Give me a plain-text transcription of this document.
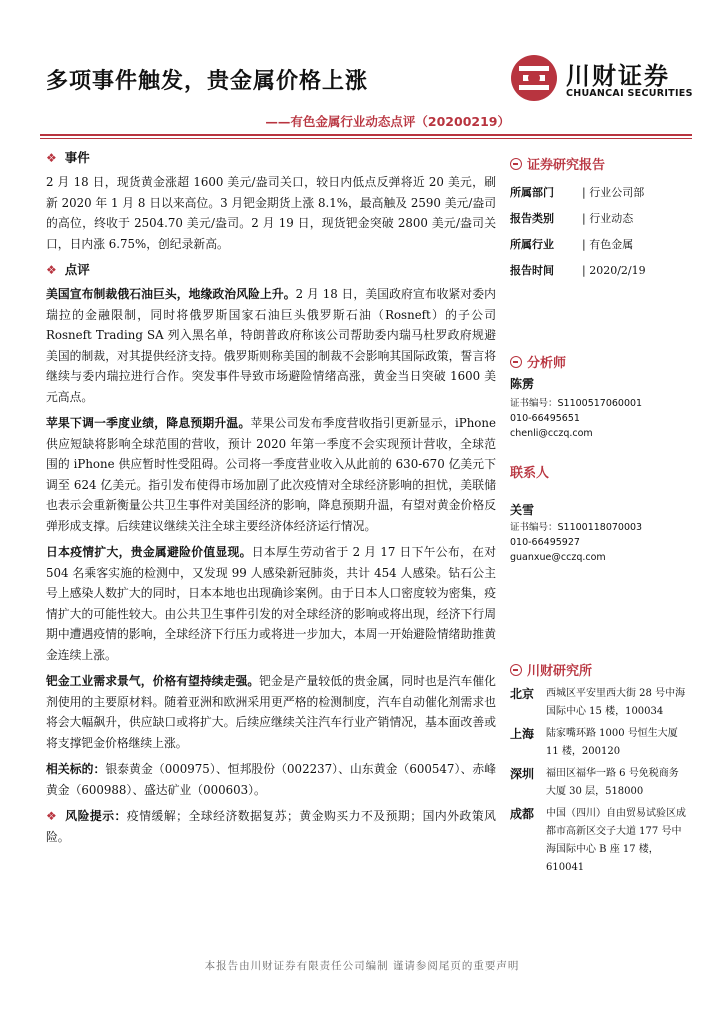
多项事件触发，贵金属价格上涨
——有色金属行业动态点评（20200219）
川财证券
CHUANCAI SECURITIES
❖ 事件
2 月 18 日，现货黄金涨超 1600 美元/盎司关口，较日内低点反弹将近 20 美元，刷新 2020 年 1 月 8 日以来高位。3 月钯金期货上涨 8.1%，最高触及 2590 美元/盎司的高位，终收于 2504.70 美元/盎司。2 月 19 日，现货钯金突破 2800 美元/盎司关口，日内涨 6.75%，创纪录新高。
❖ 点评
美国宣布制裁俄石油巨头，地缘政治风险上升。2 月 18 日，美国政府宣布收紧对委内瑞拉的金融限制，同时将俄罗斯国家石油巨头俄罗斯石油（Rosneft）的子公司 Rosneft Trading SA 列入黑名单，特朗普政府称该公司帮助委内瑞马杜罗政府规避美国的制裁，对其提供经济支持。俄罗斯则称美国的制裁不会影响其国际政策，誓言将继续与委内瑞拉进行合作。突发事件导致市场避险情绪高涨，黄金当日突破 1600 美元高点。
苹果下调一季度业绩，降息预期升温。苹果公司发布季度营收指引更新显示，iPhone 供应短缺将影响全球范围的营收，预计 2020 年第一季度不会实现预计营收，全球范围的 iPhone 供应暂时性受阻碍。公司将一季度营业收入从此前的 630-670 亿美元下调至 624 亿美元。指引发布使得市场加剧了此次疫情对全球经济影响的担忧，美联储也表示会重新衡量公共卫生事件对美国经济的影响，降息预期升温，有望对黄金价格反弹形成支撑。后续建议继续关注全球主要经济体经济运行情况。
日本疫情扩大，贵金属避险价值显现。日本厚生劳动省于 2 月 17 日下午公布，在对 504 名乘客实施的检测中，又发现 99 人感染新冠肺炎，共计 454 人感染。钻石公主号上感染人数扩大的同时，日本本地也出现确诊案例。由于日本人口密度较为密集，疫情扩大的可能性较大。由公共卫生事件引发的对全球经济的影响或将出现，经济下行周期中遭遇疫情的影响，全球经济下行压力或将进一步加大，本周一开始避险情绪助推黄金连续上涨。
钯金工业需求景气，价格有望持续走强。钯金是产量较低的贵金属，同时也是汽车催化剂使用的主要原材料。随着亚洲和欧洲采用更严格的检测制度，汽车自动催化剂需求也将会大幅飙升，供应缺口或将扩大。后续应继续关注汽车行业产销情况，基本面改善或将支撑钯金价格继续上涨。
相关标的：银泰黄金（000975）、恒邦股份（002237）、山东黄金（600547）、赤峰黄金（600988）、盛达矿业（000603）。
❖ 风险提示：疫情缓解；全球经济数据复苏；黄金购买力不及预期；国内外政策风险。
证券研究报告
所属部门	| 行业公司部
报告类别	| 行业动态
所属行业	| 有色金属
报告时间	| 2020/2/19
分析师
陈雳
证书编号：S1100517060001
010-66495651
chenli@cczq.com
联系人
关雪
证书编号：S1100118070003
010-66495927
guanxue@cczq.com
川财研究所
北京	西城区平安里西大街 28 号中海国际中心 15 楼，100034
上海	陆家嘴环路 1000 号恒生大厦 11 楼，200120
深圳	福田区福华一路 6 号免税商务大厦 30 层，518000
成都	中国（四川）自由贸易试验区成都市高新区交子大道 177 号中海国际中心 B 座 17 楼，610041
本报告由川财证券有限责任公司编制 谨请参阅尾页的重要声明
